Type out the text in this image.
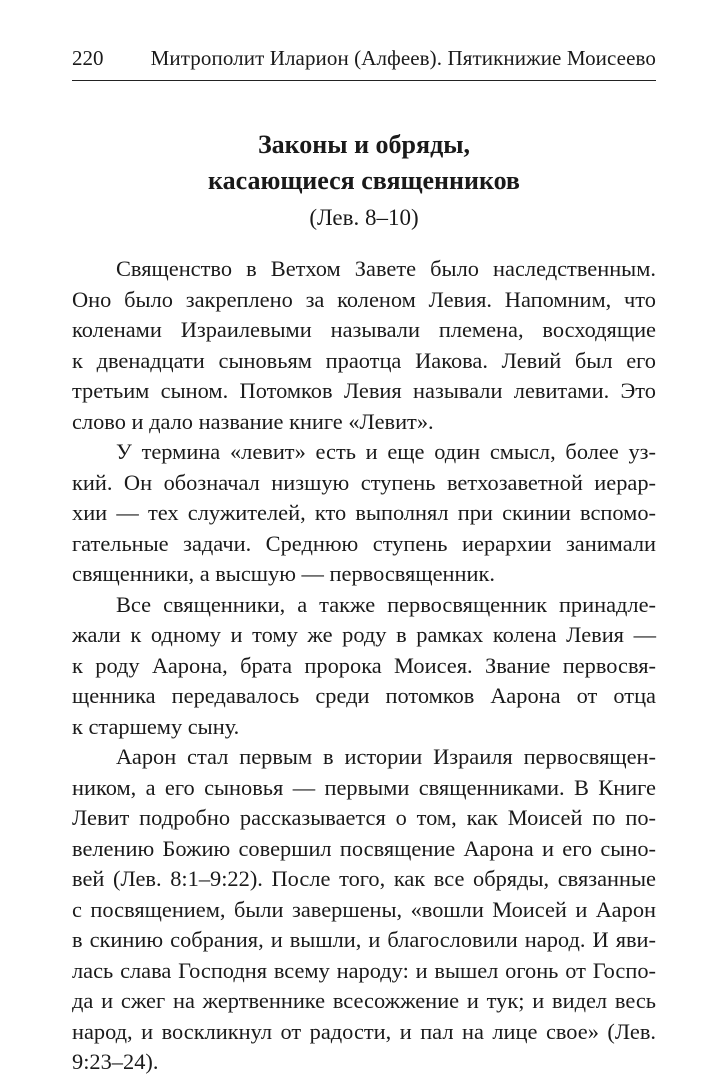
220 Митрополит Иларион (Алфеев). Пятикнижие Моисеево
Законы и обряды,
касающиеся священников
(Лев. 8–10)

Священство в Ветхом Завете было наследственным.
Оно было закреплено за коленом Левия. Напомним, что
коленами Израилевыми называли племена, восходящие
к двенадцати сыновьям праотца Иакова. Левий был его
третьим сыном. Потомков Левия называли левитами. Это
слово и дало название книге «Левит».

У термина «левит» есть и еще один смысл, более уз-
кий. Он обозначал низшую ступень ветхозаветной иерар-
хии — тех служителей, кто выполнял при скинии вспомо-
гательные задачи. Среднюю ступень иерархии занимали
священники, а высшую — первосвященник.

Все священники, а также первосвященник принадле-
жали к одному и тому же роду в рамках колена Левия —
к роду Аарона, брата пророка Моисея. Звание первосвя-
щенника передавалось среди потомков Аарона от отца
к старшему сыну.

Аарон стал первым в истории Израиля первосвящен-
ником, а его сыновья — первыми священниками. В Книге
Левит подробно рассказывается о том, как Моисей по по-
велению Божию совершил посвящение Аарона и его сыно-
вей (Лев. 8:1–9:22). После того, как все обряды, связанные
с посвящением, были завершены, «вошли Моисей и Аарон
в скинию собрания, и вышли, и благословили народ. И яви-
лась слава Господня всему народу: и вышел огонь от Госпо-
да и сжег на жертвеннике всесожжение и тук; и видел весь
народ, и воскликнул от радости, и пал на лице свое» (Лев.
9:23–24).
